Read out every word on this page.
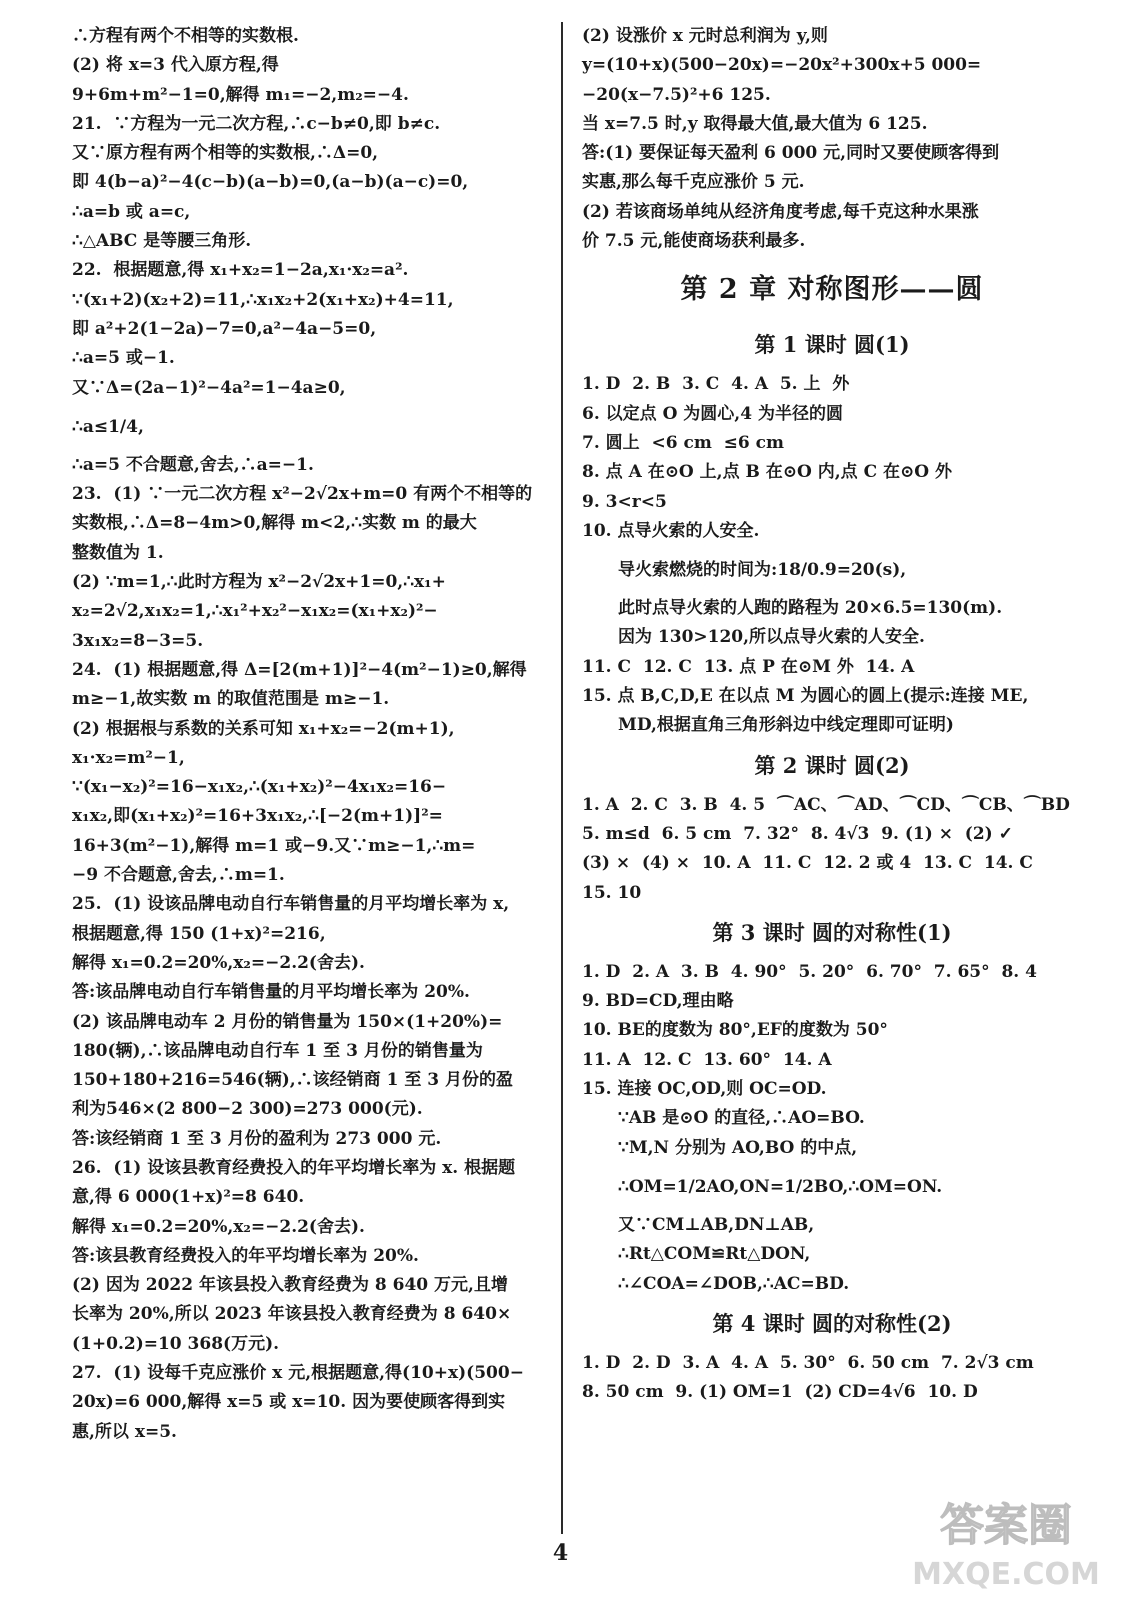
∴方程有两个不相等的实数根.
(2) 将 x=3 代入原方程,得
9+6m+m²−1=0,解得 m₁=−2,m₂=−4.
21.  ∵方程为一元二次方程,∴c−b≠0,即 b≠c.
又∵原方程有两个相等的实数根,∴Δ=0,
即 4(b−a)²−4(c−b)(a−b)=0,(a−b)(a−c)=0,
∴a=b 或 a=c,
∴△ABC 是等腰三角形.
22.  根据题意,得 x₁+x₂=1−2a,x₁·x₂=a².
∵(x₁+2)(x₂+2)=11,∴x₁x₂+2(x₁+x₂)+4=11,
即 a²+2(1−2a)−7=0,a²−4a−5=0,
∴a=5 或−1.
又∵Δ=(2a−1)²−4a²=1−4a≥0,
∴a≤1/4,
∴a=5 不合题意,舍去,∴a=−1.
23.  (1) ∵一元二次方程 x²−2√2x+m=0 有两个不相等的
实数根,∴Δ=8−4m>0,解得 m<2,∴实数 m 的最大
整数值为 1.
(2) ∵m=1,∴此时方程为 x²−2√2x+1=0,∴x₁+
x₂=2√2,x₁x₂=1,∴x₁²+x₂²−x₁x₂=(x₁+x₂)²−
3x₁x₂=8−3=5.
24.  (1) 根据题意,得 Δ=[2(m+1)]²−4(m²−1)≥0,解得
m≥−1,故实数 m 的取值范围是 m≥−1.
(2) 根据根与系数的关系可知 x₁+x₂=−2(m+1),
x₁·x₂=m²−1,
∵(x₁−x₂)²=16−x₁x₂,∴(x₁+x₂)²−4x₁x₂=16−
x₁x₂,即(x₁+x₂)²=16+3x₁x₂,∴[−2(m+1)]²=
16+3(m²−1),解得 m=1 或−9.又∵m≥−1,∴m=
−9 不合题意,舍去,∴m=1.
25.  (1) 设该品牌电动自行车销售量的月平均增长率为 x,
根据题意,得 150 (1+x)²=216,
解得 x₁=0.2=20%,x₂=−2.2(舍去).
答:该品牌电动自行车销售量的月平均增长率为 20%.
(2) 该品牌电动车 2 月份的销售量为 150×(1+20%)=
180(辆),∴该品牌电动自行车 1 至 3 月份的销售量为
150+180+216=546(辆),∴该经销商 1 至 3 月份的盈
利为546×(2 800−2 300)=273 000(元).
答:该经销商 1 至 3 月份的盈利为 273 000 元.
26.  (1) 设该县教育经费投入的年平均增长率为 x. 根据题
意,得 6 000(1+x)²=8 640.
解得 x₁=0.2=20%,x₂=−2.2(舍去).
答:该县教育经费投入的年平均增长率为 20%.
(2) 因为 2022 年该县投入教育经费为 8 640 万元,且增
长率为 20%,所以 2023 年该县投入教育经费为 8 640×
(1+0.2)=10 368(万元).
27.  (1) 设每千克应涨价 x 元,根据题意,得(10+x)(500−
20x)=6 000,解得 x=5 或 x=10. 因为要使顾客得到实
惠,所以 x=5.
(2) 设涨价 x 元时总利润为 y,则
y=(10+x)(500−20x)=−20x²+300x+5 000=
−20(x−7.5)²+6 125.
当 x=7.5 时,y 取得最大值,最大值为 6 125.
答:(1) 要保证每天盈利 6 000 元,同时又要使顾客得到
实惠,那么每千克应涨价 5 元.
(2) 若该商场单纯从经济角度考虑,每千克这种水果涨
价 7.5 元,能使商场获利最多.
第 2 章 对称图形——圆
第 1 课时 圆(1)
1. D  2. B  3. C  4. A  5. 上  外
6. 以定点 O 为圆心,4 为半径的圆
7. 圆上  <6 cm  ≤6 cm
8. 点 A 在⊙O 上,点 B 在⊙O 内,点 C 在⊙O 外
9. 3<r<5
10. 点导火索的人安全.
导火索燃烧的时间为:18/0.9=20(s),
此时点导火索的人跑的路程为 20×6.5=130(m).
因为 130>120,所以点导火索的人安全.
11. C  12. C  13. 点 P 在⊙M 外  14. A
15. 点 B,C,D,E 在以点 M 为圆心的圆上(提示:连接 ME,
MD,根据直角三角形斜边中线定理即可证明)
第 2 课时 圆(2)
1. A  2. C  3. B  4. 5  ⌒AC、⌒AD、⌒CD、⌒CB、⌒BD
5. m≤d  6. 5 cm  7. 32°  8. 4√3  9. (1) ×  (2) ✓
(3) ×  (4) ×  10. A  11. C  12. 2 或 4  13. C  14. C
15. 10
第 3 课时 圆的对称性(1)
1. D  2. A  3. B  4. 90°  5. 20°  6. 70°  7. 65°  8. 4
9. BD=CD,理由略
10. BE的度数为 80°,EF的度数为 50°
11. A  12. C  13. 60°  14. A
15. 连接 OC,OD,则 OC=OD.
∵AB 是⊙O 的直径,∴AO=BO.
∵M,N 分别为 AO,BO 的中点,
∴OM=1/2AO,ON=1/2BO,∴OM=ON.
又∵CM⊥AB,DN⊥AB,
∴Rt△COM≌Rt△DON,
∴∠COA=∠DOB,∴AC=BD.
第 4 课时 圆的对称性(2)
1. D  2. D  3. A  4. A  5. 30°  6. 50 cm  7. 2√3 cm
8. 50 cm  9. (1) OM=1  (2) CD=4√6  10. D
4
答案圈
MXQE.COM
